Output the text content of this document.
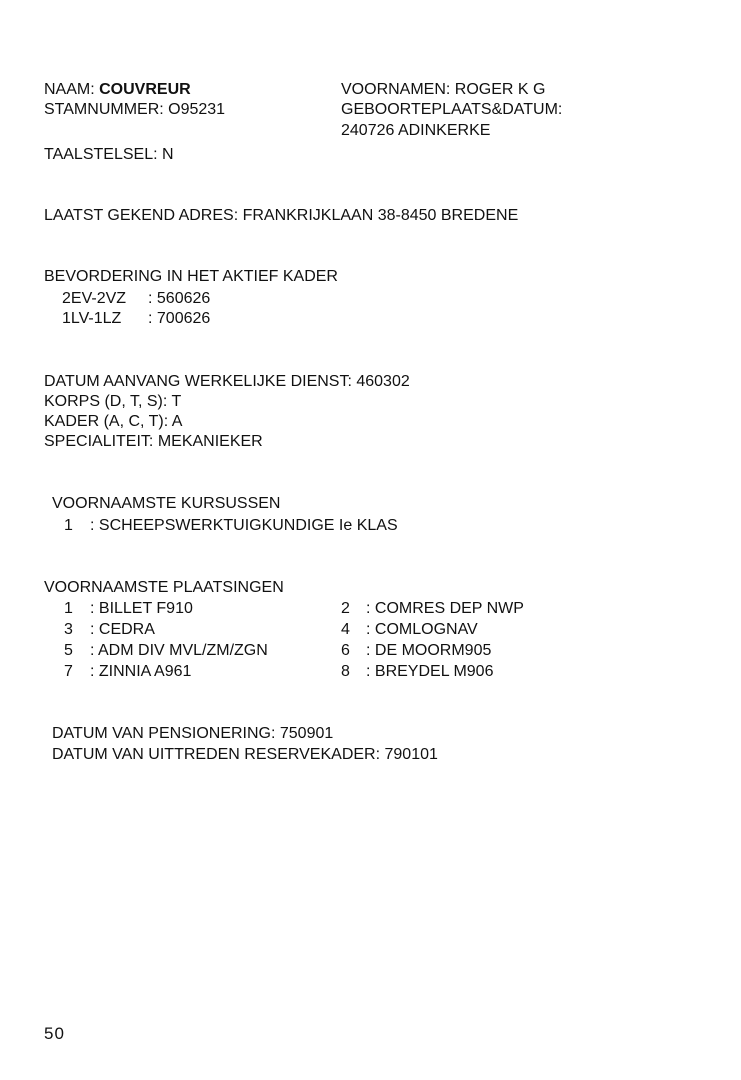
NAAM: COUVREUR
STAMNUMMER: O95231
VOORNAMEN: ROGER K G
GEBOORTEPLAATS&DATUM:
240726 ADINKERKE
TAALSTELSEL: N
LAATST GEKEND ADRES: FRANKRIJKLAAN 38-8450 BREDENE
BEVORDERING IN HET AKTIEF KADER
2EV-2VZ : 560626
1LV-1LZ : 700626
DATUM AANVANG WERKELIJKE DIENST: 460302
KORPS (D, T, S): T
KADER (A, C, T): A
SPECIALITEIT: MEKANIEKER
VOORNAAMSTE KURSUSSEN
1 : SCHEEPSWERKTUIGKUNDIGE Ie KLAS
VOORNAAMSTE PLAATSINGEN
1 : BILLET F910	2 : COMRES DEP NWP
3 : CEDRA	4 : COMLOGNAV
5 : ADM DIV MVL/ZM/ZGN	6 : DE MOORM905
7 : ZINNIA A961	8 : BREYDEL M906
DATUM VAN PENSIONERING: 750901
DATUM VAN UITTREDEN RESERVEKADER: 790101
50
